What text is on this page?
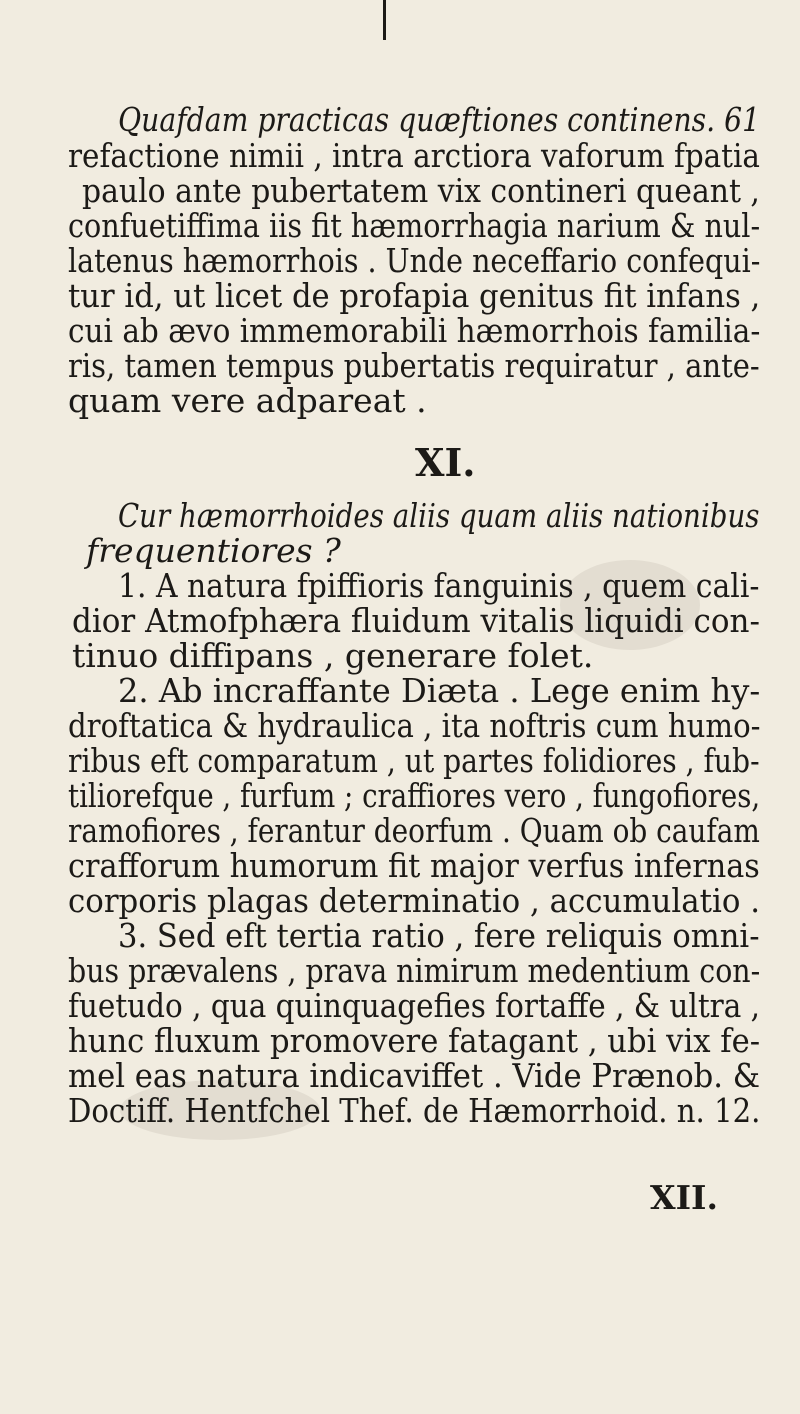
Quafdam practicas quæftiones continens. 61
refactione nimii , intra arctiora vaforum fpatia
paulo ante pubertatem vix contineri queant ,
confuetiffima iis fit hæmorrhagia narium & nul-
latenus hæmorrhois . Unde neceffario confequi-
tur id, ut licet de profapia genitus fit infans ,
cui ab ævo immemorabili hæmorrhois familia-
ris, tamen tempus pubertatis requiratur , ante-
quam vere adpareat .
XI.
Cur hæmorrhoides aliis quam aliis nationibus
frequentiores ?
1. A natura fpiffioris fanguinis , quem cali-
dior Atmofphæra fluidum vitalis liquidi con-
tinuo diffipans , generare folet.
2. Ab incraffante Diæta . Lege enim hy-
droftatica & hydraulica , ita noftris cum humo-
ribus eft comparatum , ut partes folidiores , fub-
tiliorefque , furfum ; craffiores vero , fungofiores,
ramofiores , ferantur deorfum . Quam ob caufam
crafforum humorum fit major verfus infernas
corporis plagas determinatio , accumulatio .
3. Sed eft tertia ratio , fere reliquis omni-
bus prævalens , prava nimirum medentium con-
fuetudo , qua quinquagefies fortaffe , & ultra ,
hunc fluxum promovere fatagant , ubi vix fe-
mel eas natura indicaviffet . Vide Prænob. &
Doctiff. Hentfchel Thef. de Hæmorrhoid. n. 12.
XII.
